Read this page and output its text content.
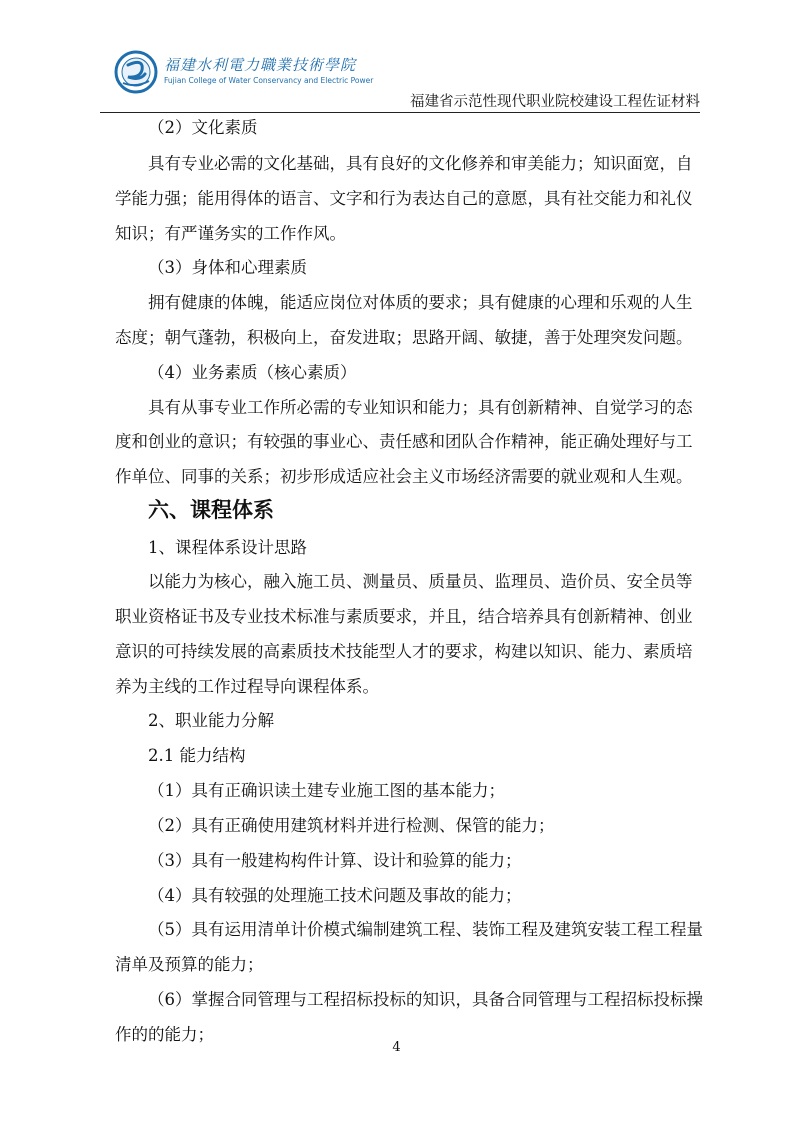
福建水利電力職業技術學院
Fujian College of Water Conservancy and Electric Power
福建省示范性现代职业院校建设工程佐证材料
（2）文化素质
具有专业必需的文化基础，具有良好的文化修养和审美能力；知识面宽，自
学能力强；能用得体的语言、文字和行为表达自己的意愿，具有社交能力和礼仪
知识；有严谨务实的工作作风。
（3）身体和心理素质
拥有健康的体魄，能适应岗位对体质的要求；具有健康的心理和乐观的人生
态度；朝气蓬勃，积极向上，奋发进取；思路开阔、敏捷，善于处理突发问题。
（4）业务素质（核心素质）
具有从事专业工作所必需的专业知识和能力；具有创新精神、自觉学习的态
度和创业的意识；有较强的事业心、责任感和团队合作精神，能正确处理好与工
作单位、同事的关系；初步形成适应社会主义市场经济需要的就业观和人生观。
六、课程体系
1、课程体系设计思路
以能力为核心，融入施工员、测量员、质量员、监理员、造价员、安全员等
职业资格证书及专业技术标准与素质要求，并且，结合培养具有创新精神、创业
意识的可持续发展的高素质技术技能型人才的要求，构建以知识、能力、素质培
养为主线的工作过程导向课程体系。
2、职业能力分解
2.1 能力结构
（1）具有正确识读土建专业施工图的基本能力；
（2）具有正确使用建筑材料并进行检测、保管的能力；
（3）具有一般建构构件计算、设计和验算的能力；
（4）具有较强的处理施工技术问题及事故的能力；
（5）具有运用清单计价模式编制建筑工程、装饰工程及建筑安装工程工程量
清单及预算的能力；
（6）掌握合同管理与工程招标投标的知识，具备合同管理与工程招标投标操
作的的能力；
4
